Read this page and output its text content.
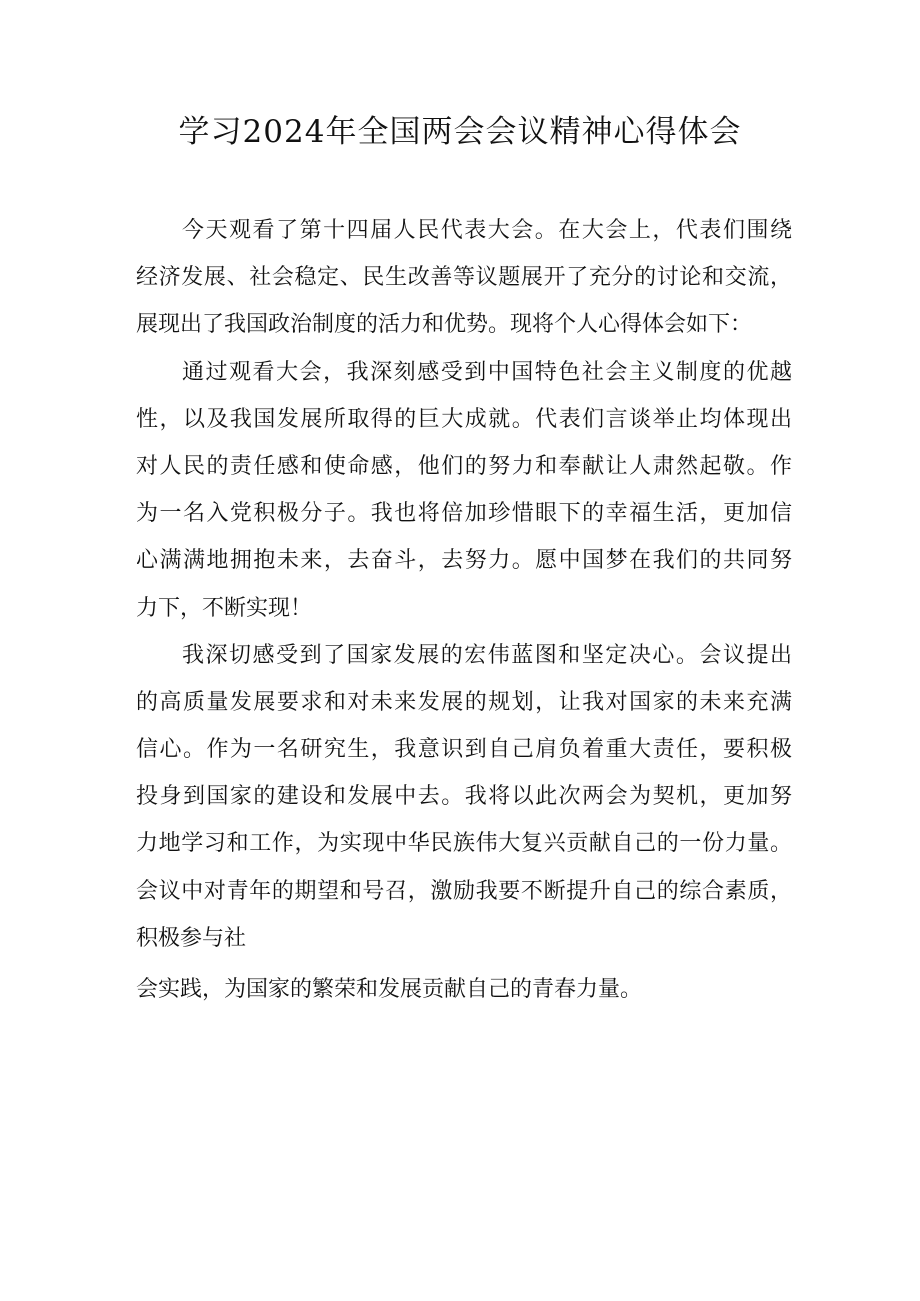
学习2024年全国两会会议精神心得体会
今天观看了第十四届人民代表大会。在大会上，代表们围绕
经济发展、社会稳定、民生改善等议题展开了充分的讨论和交流，
展现出了我国政治制度的活力和优势。现将个人心得体会如下：
通过观看大会，我深刻感受到中国特色社会主义制度的优越
性，以及我国发展所取得的巨大成就。代表们言谈举止均体现出
对人民的责任感和使命感，他们的努力和奉献让人肃然起敬。作
为一名入党积极分子。我也将倍加珍惜眼下的幸福生活，更加信
心满满地拥抱未来，去奋斗，去努力。愿中国梦在我们的共同努
力下，不断实现！
我深切感受到了国家发展的宏伟蓝图和坚定决心。会议提出
的高质量发展要求和对未来发展的规划，让我对国家的未来充满
信心。作为一名研究生，我意识到自己肩负着重大责任，要积极
投身到国家的建设和发展中去。我将以此次两会为契机，更加努
力地学习和工作，为实现中华民族伟大复兴贡献自己的一份力量。
会议中对青年的期望和号召，激励我要不断提升自己的综合素质，
积极参与社
会实践，为国家的繁荣和发展贡献自己的青春力量。
